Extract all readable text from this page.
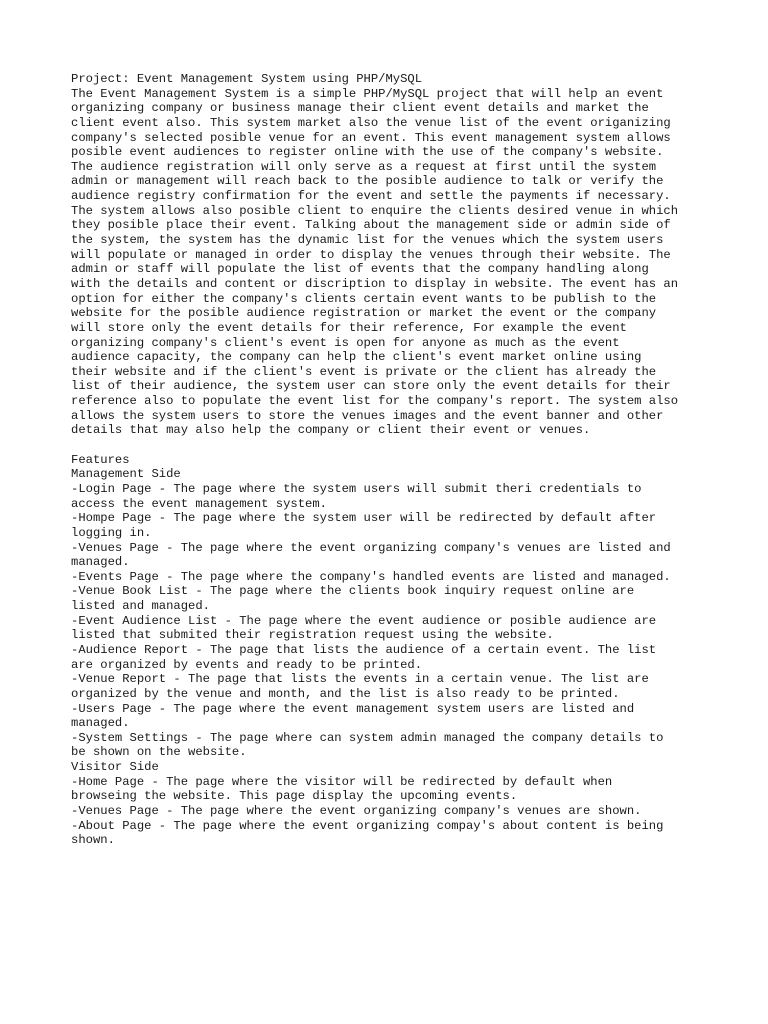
Project: Event Management System using PHP/MySQL
The Event Management System is a simple PHP/MySQL project that will help an event
organizing company or business manage their client event details and market the
client event also. This system market also the venue list of the event origanizing
company's selected posible venue for an event. This event management system allows
posible event audiences to register online with the use of the company's website.
The audience registration will only serve as a request at first until the system
admin or management will reach back to the posible audience to talk or verify the
audience registry confirmation for the event and settle the payments if necessary.
The system allows also posible client to enquire the clients desired venue in which
they posible place their event. Talking about the management side or admin side of
the system, the system has the dynamic list for the venues which the system users
will populate or managed in order to display the venues through their website. The
admin or staff will populate the list of events that the company handling along
with the details and content or discription to display in website. The event has an
option for either the company's clients certain event wants to be publish to the
website for the posible audience registration or market the event or the company
will store only the event details for their reference, For example the event
organizing company's client's event is open for anyone as much as the event
audience capacity, the company can help the client's event market online using
their website and if the client's event is private or the client has already the
list of their audience, the system user can store only the event details for their
reference also to populate the event list for the company's report. The system also
allows the system users to store the venues images and the event banner and other
details that may also help the company or client their event or venues.
Features
Management Side
-Login Page - The page where the system users will submit theri credentials to
access the event management system.
-Hompe Page - The page where the system user will be redirected by default after
logging in.
-Venues Page - The page where the event organizing company's venues are listed and
managed.
-Events Page - The page where the company's handled events are listed and managed.
-Venue Book List - The page where the clients book inquiry request online are
listed and managed.
-Event Audience List - The page where the event audience or posible audience are
listed that submited their registration request using the website.
-Audience Report - The page that lists the audience of a certain event. The list
are organized by events and ready to be printed.
-Venue Report - The page that lists the events in a certain venue. The list are
organized by the venue and month, and the list is also ready to be printed.
-Users Page - The page where the event management system users are listed and
managed.
-System Settings - The page where can system admin managed the company details to
be shown on the website.
Visitor Side
-Home Page - The page where the visitor will be redirected by default when
browseing the website. This page display the upcoming events.
-Venues Page - The page where the event organizing company's venues are shown.
-About Page - The page where the event organizing compay's about content is being
shown.
